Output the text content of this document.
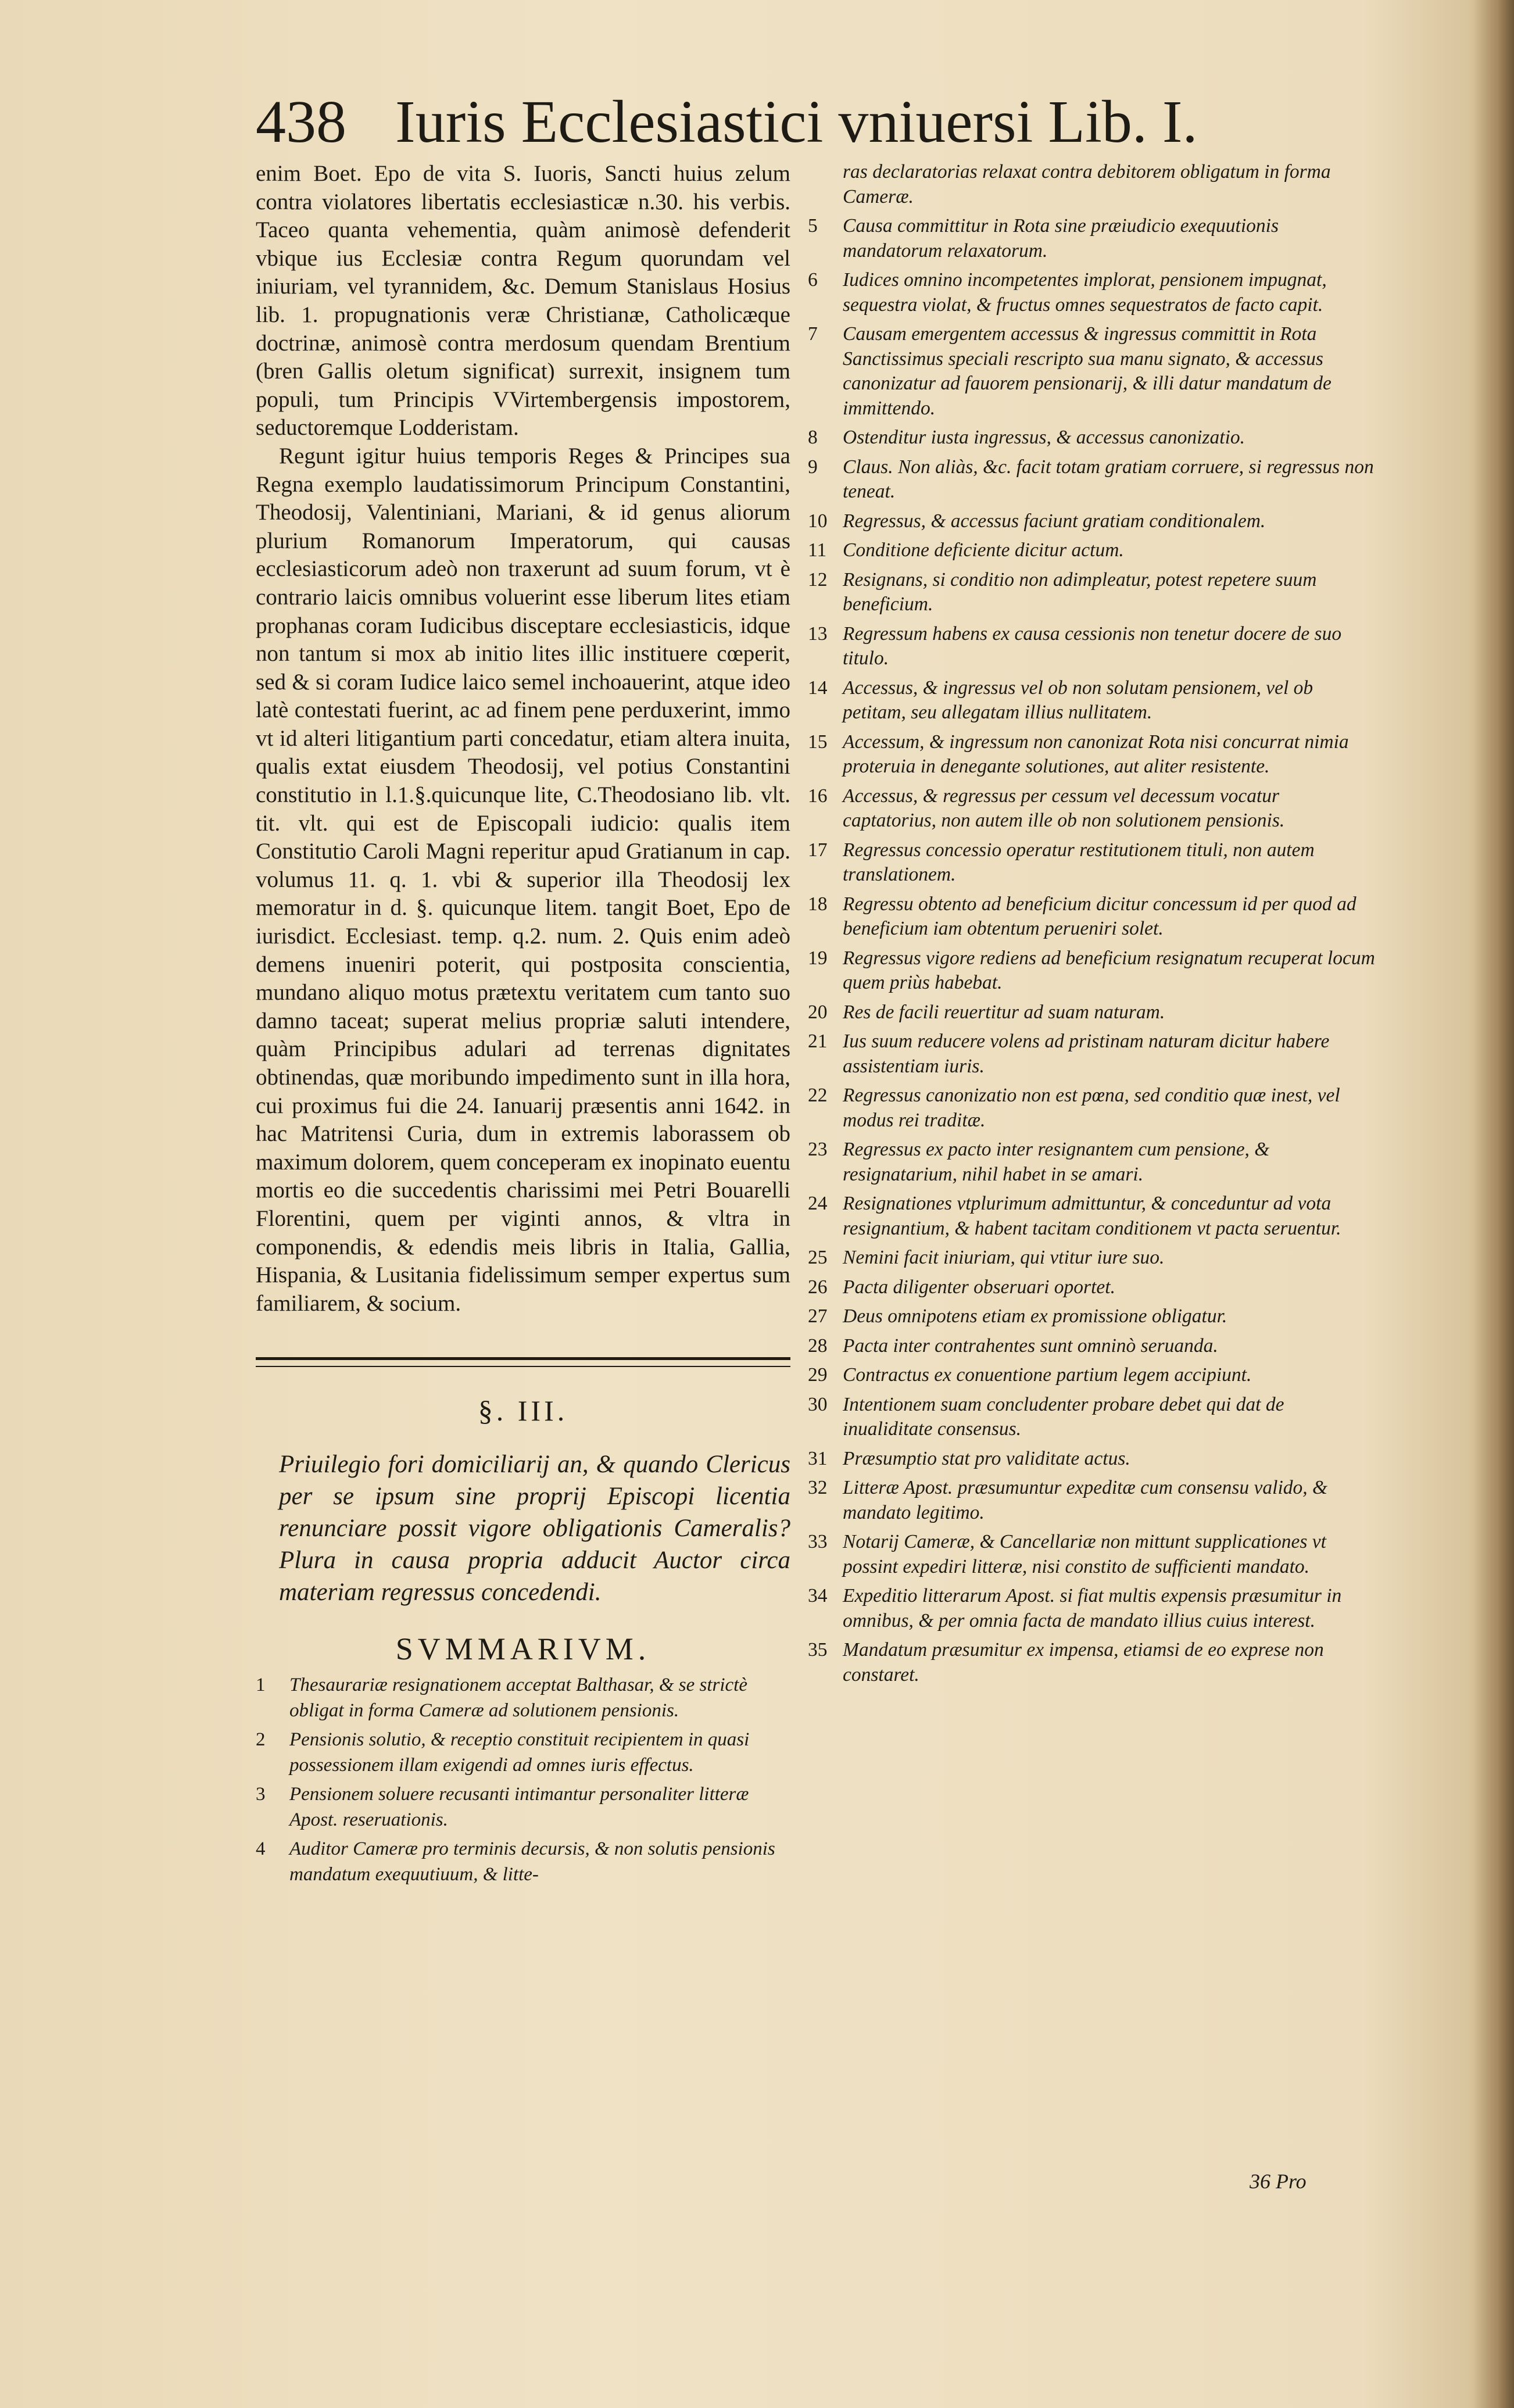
438 Iuris Ecclesiastici vniuersi Lib. I.

enim Boet. Epo de vita S. Iuoris, Sancti huius zelum contra violatores libertatis ecclesiasticæ n.30. his verbis. Taceo quanta vehementia, quàm animosè defenderit vbique ius Ecclesiæ contra Regum quorundam vel iniuriam, vel tyrannidem, &c. Demum Stanislaus Hosius lib. 1. propugnationis veræ Christianæ, Catholicæque doctrinæ, animosè contra merdosum quendam Brentium (bren Gallis oletum significat) surrexit, insignem tum populi, tum Principis VVirtembergensis impostorem, seductoremque Lodderistam.

Regunt igitur huius temporis Reges & Principes sua Regna exemplo laudatissimorum Principum Constantini, Theodosij, Valentiniani, Mariani, & id genus aliorum plurium Romanorum Imperatorum, qui causas ecclesiasticorum adeò non traxerunt ad suum forum, vt è contrario laicis omnibus voluerint esse liberum lites etiam prophanas coram Iudicibus disceptare ecclesiasticis, idque non tantum si mox ab initio lites illic instituere cœperit, sed & si coram Iudice laico semel inchoauerint, atque ideo latè contestati fuerint, ac ad finem pene perduxerint, immo vt id alteri litigantium parti concedatur, etiam altera inuita, qualis extat eiusdem Theodosij, vel potius Constantini constitutio in l.1.§.quicunque lite, C.Theodosiano lib. vlt. tit. vlt. qui est de Episcopali iudicio: qualis item Constitutio Caroli Magni reperitur apud Gratianum in cap. volumus 11. q. 1. vbi & superior illa Theodosij lex memoratur in d. §. quicunque litem. tangit Boet, Epo de iurisdict. Ecclesiast. temp. q.2. num. 2. Quis enim adeò demens inueniri poterit, qui postposita conscientia, mundano aliquo motus prætextu veritatem cum tanto suo damno taceat; superat melius propriæ saluti intendere, quàm Principibus adulari ad terrenas dignitates obtinendas, quæ moribundo impedimento sunt in illa hora, cui proximus fui die 24. Ianuarij præsentis anni 1642. in hac Matritensi Curia, dum in extremis laborassem ob maximum dolorem, quem conceperam ex inopinato euentu mortis eo die succedentis charissimi mei Petri Bouarelli Florentini, quem per viginti annos, & vltra in componendis, & edendis meis libris in Italia, Gallia, Hispania, & Lusitania fidelissimum semper expertus sum familiarem, & socium.

§. III.
Priuilegio fori domiciliarij an, & quando Clericus per se ipsum sine proprij Episcopi licentia renunciare possit vigore obligationis Cameralis? Plura in causa propria adducit Auctor circa materiam regressus concedendi.
SVMMARIVM.
1	Thesaurariæ resignationem acceptat Balthasar, & se strictè obligat in forma Cameræ ad solutionem pensionis.
2	Pensionis solutio, & receptio constituit recipientem in quasi possessionem illam exigendi ad omnes iuris effectus.
3	Pensionem soluere recusanti intimantur personaliter litteræ Apost. reseruationis.
4	Auditor Cameræ pro terminis decursis, & non solutis pensionis mandatum exequutiuum, & litte-
ras declaratorias relaxat contra debitorem obligatum in forma Cameræ.
5	Causa committitur in Rota sine præiudicio exequutionis mandatorum relaxatorum.
6	Iudices omnino incompetentes implorat, pensionem impugnat, sequestra violat, & fructus omnes sequestratos de facto capit.
7	Causam emergentem accessus & ingressus committit in Rota Sanctissimus speciali rescripto sua manu signato, & accessus canonizatur ad fauorem pensionarij, & illi datur mandatum de immittendo.
8	Ostenditur iusta ingressus, & accessus canonizatio.
9	Claus. Non aliàs, &c. facit totam gratiam corruere, si regressus non teneat.
10 Regressus, & accessus faciunt gratiam conditionalem.
11 Conditione deficiente dicitur actum.
12 Resignans, si conditio non adimpleatur, potest repetere suum beneficium.
13 Regressum habens ex causa cessionis non tenetur docere de suo titulo.
14 Accessus, & ingressus vel ob non solutam pensionem, vel ob petitam, seu allegatam illius nullitatem.
15 Accessum, & ingressum non canonizat Rota nisi concurrat nimia proteruia in denegante solutiones, aut aliter resistente.
16 Accessus, & regressus per cessum vel decessum vocatur captatorius, non autem ille ob non solutionem pensionis.
17 Regressus concessio operatur restitutionem tituli, non autem translationem.
18 Regressu obtento ad beneficium dicitur concessum id per quod ad beneficium iam obtentum perueniri solet.
19 Regressus vigore rediens ad beneficium resignatum recuperat locum quem priùs habebat.
20 Res de facili reuertitur ad suam naturam.
21 Ius suum reducere volens ad pristinam naturam dicitur habere assistentiam iuris.
22 Regressus canonizatio non est pœna, sed conditio quæ inest, vel modus rei traditæ.
23 Regressus ex pacto inter resignantem cum pensione, & resignatarium, nihil habet in se amari.
24 Resignationes vtplurimum admittuntur, & conceduntur ad vota resignantium, & habent tacitam conditionem vt pacta seruentur.
25 Nemini facit iniuriam, qui vtitur iure suo.
26 Pacta diligenter obseruari oportet.
27 Deus omnipotens etiam ex promissione obligatur.
28 Pacta inter contrahentes sunt omninò seruanda.
29 Contractus ex conuentione partium legem accipiunt.
30 Intentionem suam concludenter probare debet qui dat de inualiditate consensus.
31 Præsumptio stat pro validitate actus.
32 Litteræ Apost. præsumuntur expeditæ cum consensu valido, & mandato legitimo.
33 Notarij Cameræ, & Cancellariæ non mittunt supplicationes vt possint expediri litteræ, nisi constito de sufficienti mandato.
34 Expeditio litterarum Apost. si fiat multis expensis præsumitur in omnibus, & per omnia facta de mandato illius cuius interest.
35 Mandatum præsumitur ex impensa, etiamsi de eo exprese non constaret.
36 Pro
